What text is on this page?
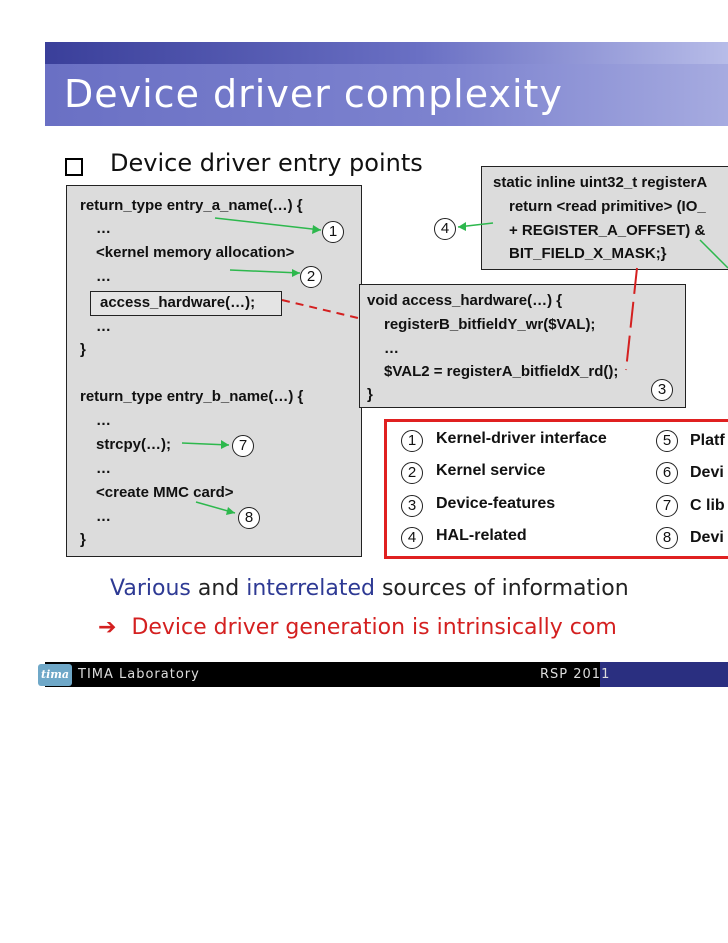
Device driver complexity
Device driver entry points
return_type entry_a_name(…) {
…
<kernel memory allocation>
…
access_hardware(…);
…
}
return_type entry_b_name(…) {
…
strcpy(…);
…
<create MMC card>
…
}
static inline uint32_t registerA
return <read primitive> (IO_
+ REGISTER_A_OFFSET) &
BIT_FIELD_X_MASK;}
void access_hardware(…) {
registerB_bitfieldY_wr($VAL);
…
$VAL2 = registerA_bitfieldX_rd();
}
1
2
3
4
7
8
1	Kernel-driver interface
2	Kernel service
3	Device-features
4	HAL-related
5	Platf
6	Devi
7	C lib
8	Devi
Various and interrelated sources of information
➔ Device driver generation is intrinsically com
tima TIMA Laboratory	RSP 2011
